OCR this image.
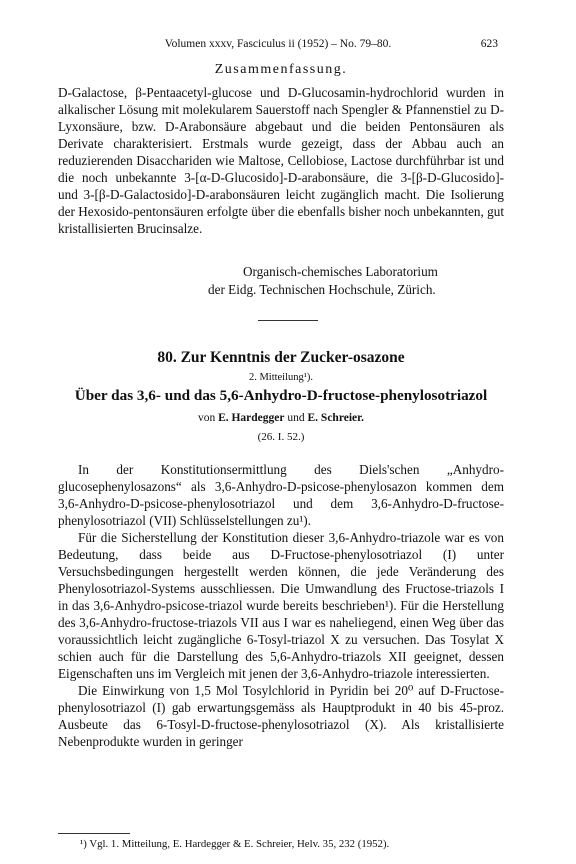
Volumen xxxv, Fasciculus ii (1952) – No. 79–80.	623
Zusammenfassung.

D-Galactose, β-Pentaacetyl-glucose und D-Glucosamin-hydrochlorid wurden in alkalischer Lösung mit molekularem Sauerstoff nach Spengler & Pfannenstiel zu D-Lyxonsäure, bzw. D-Arabonsäure abgebaut und die beiden Pentonsäuren als Derivate charakterisiert. Erstmals wurde gezeigt, dass der Abbau auch an reduzierenden Disacchariden wie Maltose, Cellobiose, Lactose durchführbar ist und die noch unbekannte 3-[α-D-Glucosido]-D-arabonsäure, die 3-[β-D-Glucosido]- und 3-[β-D-Galactosido]-D-arabonsäuren leicht zugänglich macht. Die Isolierung der Hexosido-pentonsäuren erfolgte über die ebenfalls bisher noch unbekannten, gut kristallisierten Brucinsalze.

Organisch-chemisches Laboratorium
der Eidg. Technischen Hochschule, Zürich.
80. Zur Kenntnis der Zucker-osazone
2. Mitteilung¹).
Über das 3,6- und das 5,6-Anhydro-D-fructose-phenylosotriazol
von E. Hardegger und E. Schreier.
(26. I. 52.)

In der Konstitutionsermittlung des Diels'schen „Anhydro-glucosephenylosazons“ als 3,6-Anhydro-D-psicose-phenylosazon kommen dem 3,6-Anhydro-D-psicose-phenylosotriazol und dem 3,6-Anhydro-D-fructose-phenylosotriazol (VII) Schlüsselstellungen zu¹).

Für die Sicherstellung der Konstitution dieser 3,6-Anhydro-triazole war es von Bedeutung, dass beide aus D-Fructose-phenylosotriazol (I) unter Versuchsbedingungen hergestellt werden können, die jede Veränderung des Phenylosotriazol-Systems ausschliessen. Die Umwandlung des Fructose-triazols I in das 3,6-Anhydro-psicose-triazol wurde bereits beschrieben¹). Für die Herstellung des 3,6-Anhydro-fructose-triazols VII aus I war es naheliegend, einen Weg über das voraussichtlich leicht zugängliche 6-Tosyl-triazol X zu versuchen. Das Tosylat X schien auch für die Darstellung des 5,6-Anhydro-triazols XII geeignet, dessen Eigenschaften uns im Vergleich mit jenen der 3,6-Anhydro-triazole interessierten.

Die Einwirkung von 1,5 Mol Tosylchlorid in Pyridin bei 20⁰ auf D-Fructose-phenylosotriazol (I) gab erwartungsgemäss als Hauptprodukt in 40 bis 45-proz. Ausbeute das 6-Tosyl-D-fructose-phenylosotriazol (X). Als kristallisierte Nebenprodukte wurden in geringer

¹) Vgl. 1. Mitteilung, E. Hardegger & E. Schreier, Helv. 35, 232 (1952).
